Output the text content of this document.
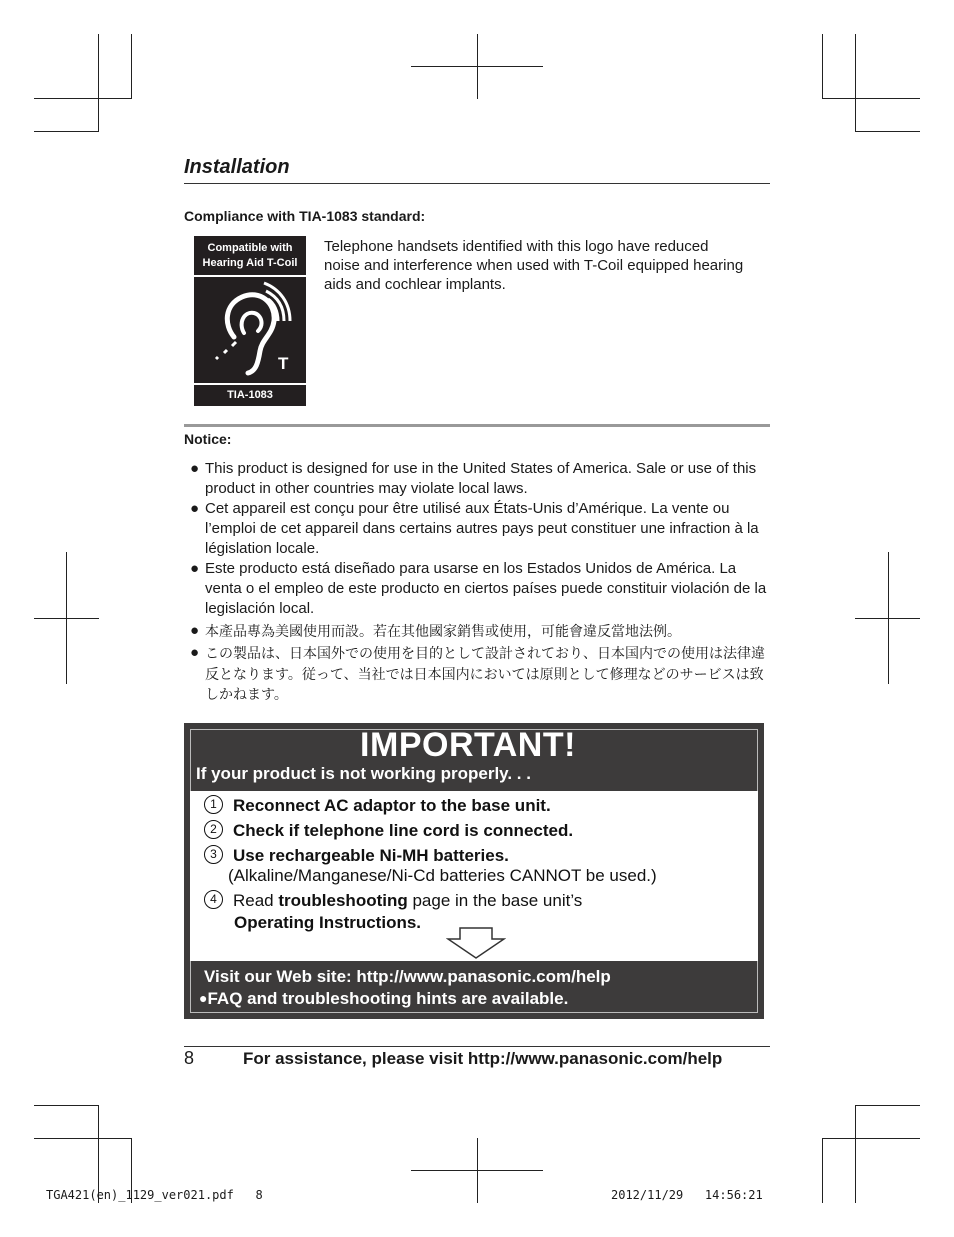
Installation
Compliance with TIA-1083 standard:
Compatible with
Hearing Aid T-Coil
T
TIA-1083
Telephone handsets identified with this logo have reduced noise and interference when used with T-Coil equipped hearing aids and cochlear implants.
Notice:
● This product is designed for use in the United States of America. Sale or use of this product in other countries may violate local laws.
● Cet appareil est conçu pour être utilisé aux États-Unis d’Amérique. La vente ou l’emploi de cet appareil dans certains autres pays peut constituer une infraction à la législation locale.
● Este producto está diseñado para usarse en los Estados Unidos de América. La venta o el empleo de este producto en ciertos países puede constituir violación de la legislación local.
● 本產品專為美國使用而設。若在其他國家銷售或使用，可能會違反當地法例。
● この製品は、日本国外での使用を目的として設計されており、日本国内での使用は法律違反となります。従って、当社では日本国内においては原則として修理などのサービスは致しかねます。
IMPORTANT!
If your product is not working properly. . .
1 Reconnect AC adaptor to the base unit.
2 Check if telephone line cord is connected.
3 Use rechargeable Ni-MH batteries.
(Alkaline/Manganese/Ni-Cd batteries CANNOT be used.)
4 Read troubleshooting page in the base unit’s
Operating Instructions.
Visit our Web site: http://www.panasonic.com/help
●FAQ and troubleshooting hints are available.
8	For assistance, please visit http://www.panasonic.com/help
TGA421(en)_1129_ver021.pdf   8	2012/11/29   14:56:21
